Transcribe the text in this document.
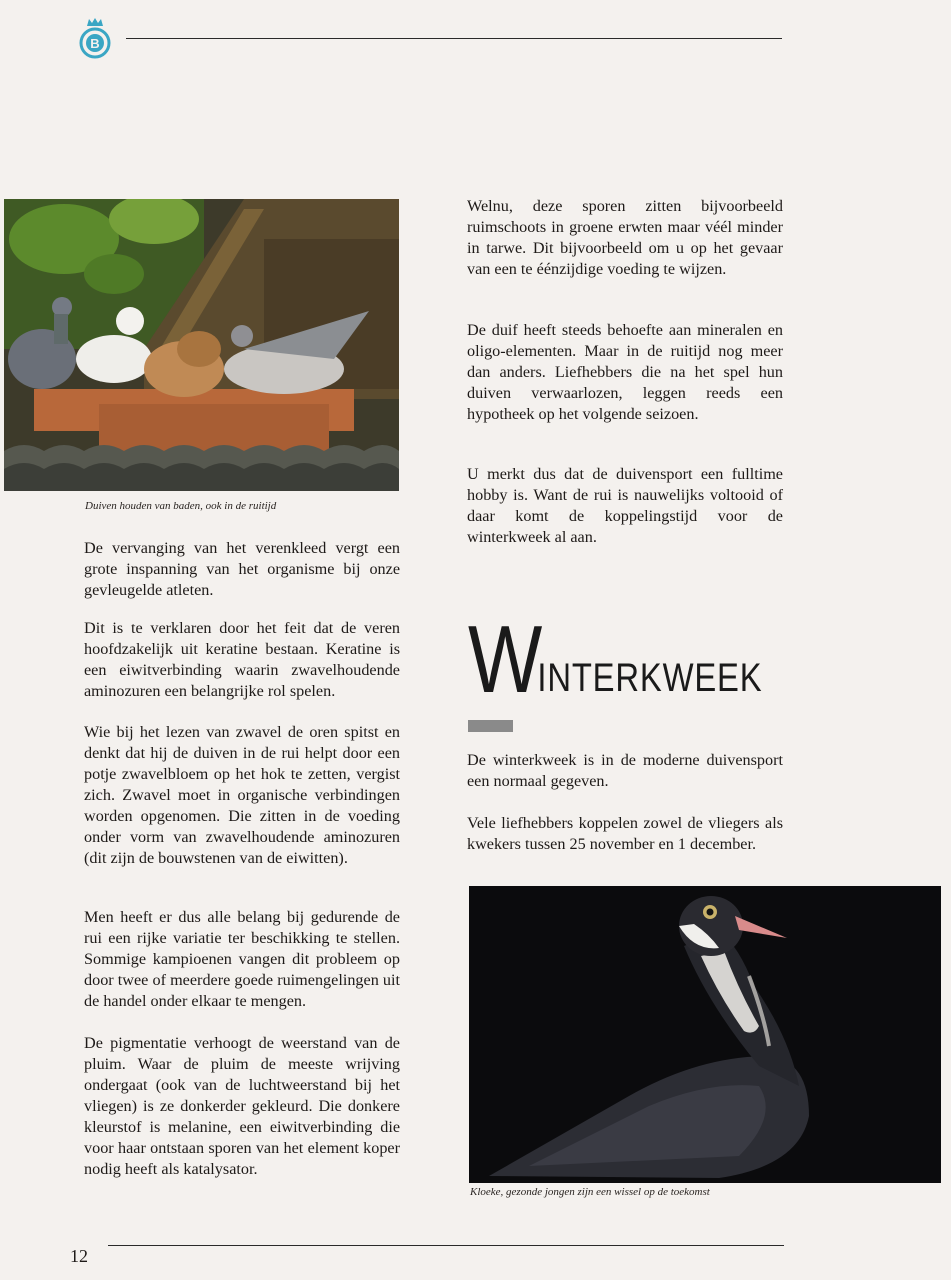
B
Duiven houden van baden, ook in de ruitijd

De vervanging van het verenkleed vergt een grote inspanning van het organisme bij onze gevleugelde atleten.

Dit is te verklaren door het feit dat de veren hoofdzakelijk uit keratine bestaan. Keratine is een eiwitverbinding waarin zwavelhoudende aminozuren een belangrijke rol spelen.

Wie bij het lezen van zwavel de oren spitst en denkt dat hij de duiven in de rui helpt door een potje zwavelbloem op het hok te zetten, vergist zich. Zwavel moet in organische verbindingen worden opgenomen. Die zitten in de voeding onder vorm van zwavelhoudende aminozuren (dit zijn de bouwstenen van de eiwitten).

Men heeft er dus alle belang bij gedurende de rui een rijke variatie ter beschikking te stellen. Sommige kampioenen vangen dit probleem op door twee of meerdere goede ruimengelingen uit de handel onder elkaar te mengen.

De pigmentatie verhoogt de weerstand van de pluim. Waar de pluim de meeste wrijving ondergaat (ook van de luchtweerstand bij het vliegen) is ze donkerder gekleurd. Die donkere kleurstof is melanine, een eiwitverbinding die voor haar ontstaan sporen van het element koper nodig heeft als katalysator.

Welnu, deze sporen zitten bijvoorbeeld ruimschoots in groene erwten maar véél minder in tarwe. Dit bijvoorbeeld om u op het gevaar van een te éénzijdige voeding te wijzen.

De duif heeft steeds behoefte aan mineralen en oligo-elementen. Maar in de ruitijd nog meer dan anders. Liefhebbers die na het spel hun duiven verwaarlozen, leggen reeds een hypotheek op het volgende seizoen.

U merkt dus dat de duivensport een fulltime hobby is. Want de rui is nauwelijks voltooid of daar komt de koppelingstijd voor de winterkweek al aan.

W
INTERKWEEK

De winterkweek is in de moderne duivensport een normaal gegeven.

Vele liefhebbers koppelen zowel de vliegers als kwekers tussen 25 november en 1 december.

Kloeke, gezonde jongen zijn een wissel op de toekomst
12
